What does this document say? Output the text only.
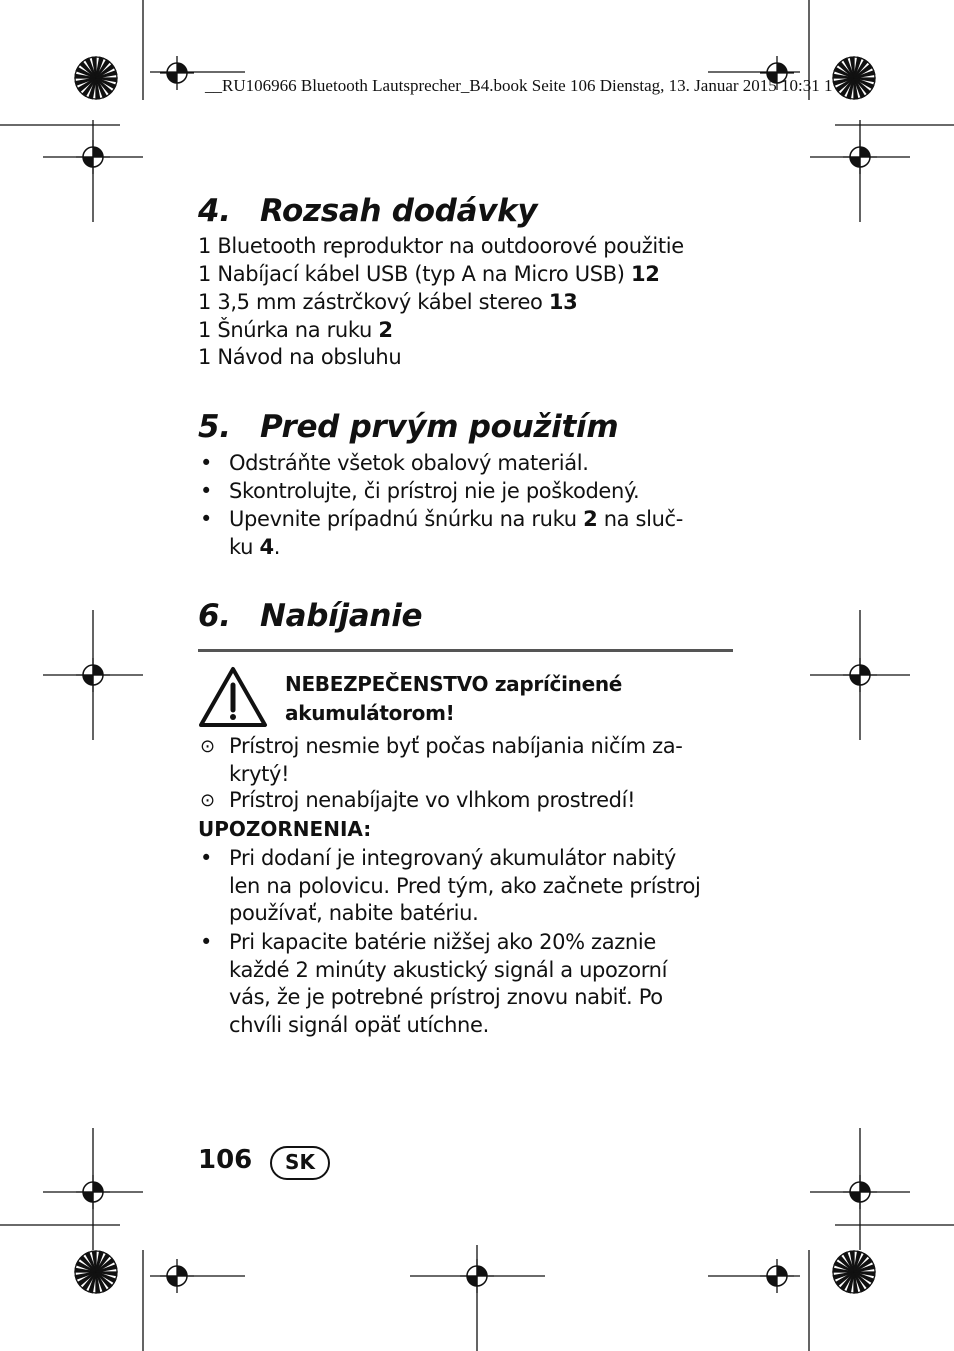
__RU106966 Bluetooth Lautsprecher_B4.book Seite 106 Dienstag, 13. Januar 2015 10:31 1
4. Rozsah dodávky
1 Bluetooth reproduktor na outdoorové použitie
1 Nabíjací kábel USB (typ A na Micro USB) 12
1 3,5 mm zástrčkový kábel stereo 13
1 Šnúrka na ruku 2
1 Návod na obsluhu
5. Pred prvým použitím
• Odstráňte všetok obalový materiál.
• Skontrolujte, či prístroj nie je poškodený.
• Upevnite prípadnú šnúrku na ruku 2 na sluč-
ku 4.
6. Nabíjanie
NEBEZPEČENSTVO zapríčinené
akumulátorom!
⊙ Prístroj nesmie byť počas nabíjania ničím za-
krytý!
⊙ Prístroj nenabíjajte vo vlhkom prostredí!
UPOZORNENIA:
• Pri dodaní je integrovaný akumulátor nabitý
len na polovicu. Pred tým, ako začnete prístroj
používať, nabite batériu.
• Pri kapacite batérie nižšej ako 20% zaznie
každé 2 minúty akustický signál a upozorní
vás, že je potrebné prístroj znovu nabiť. Po
chvíli signál opäť utíchne.
106	SK
